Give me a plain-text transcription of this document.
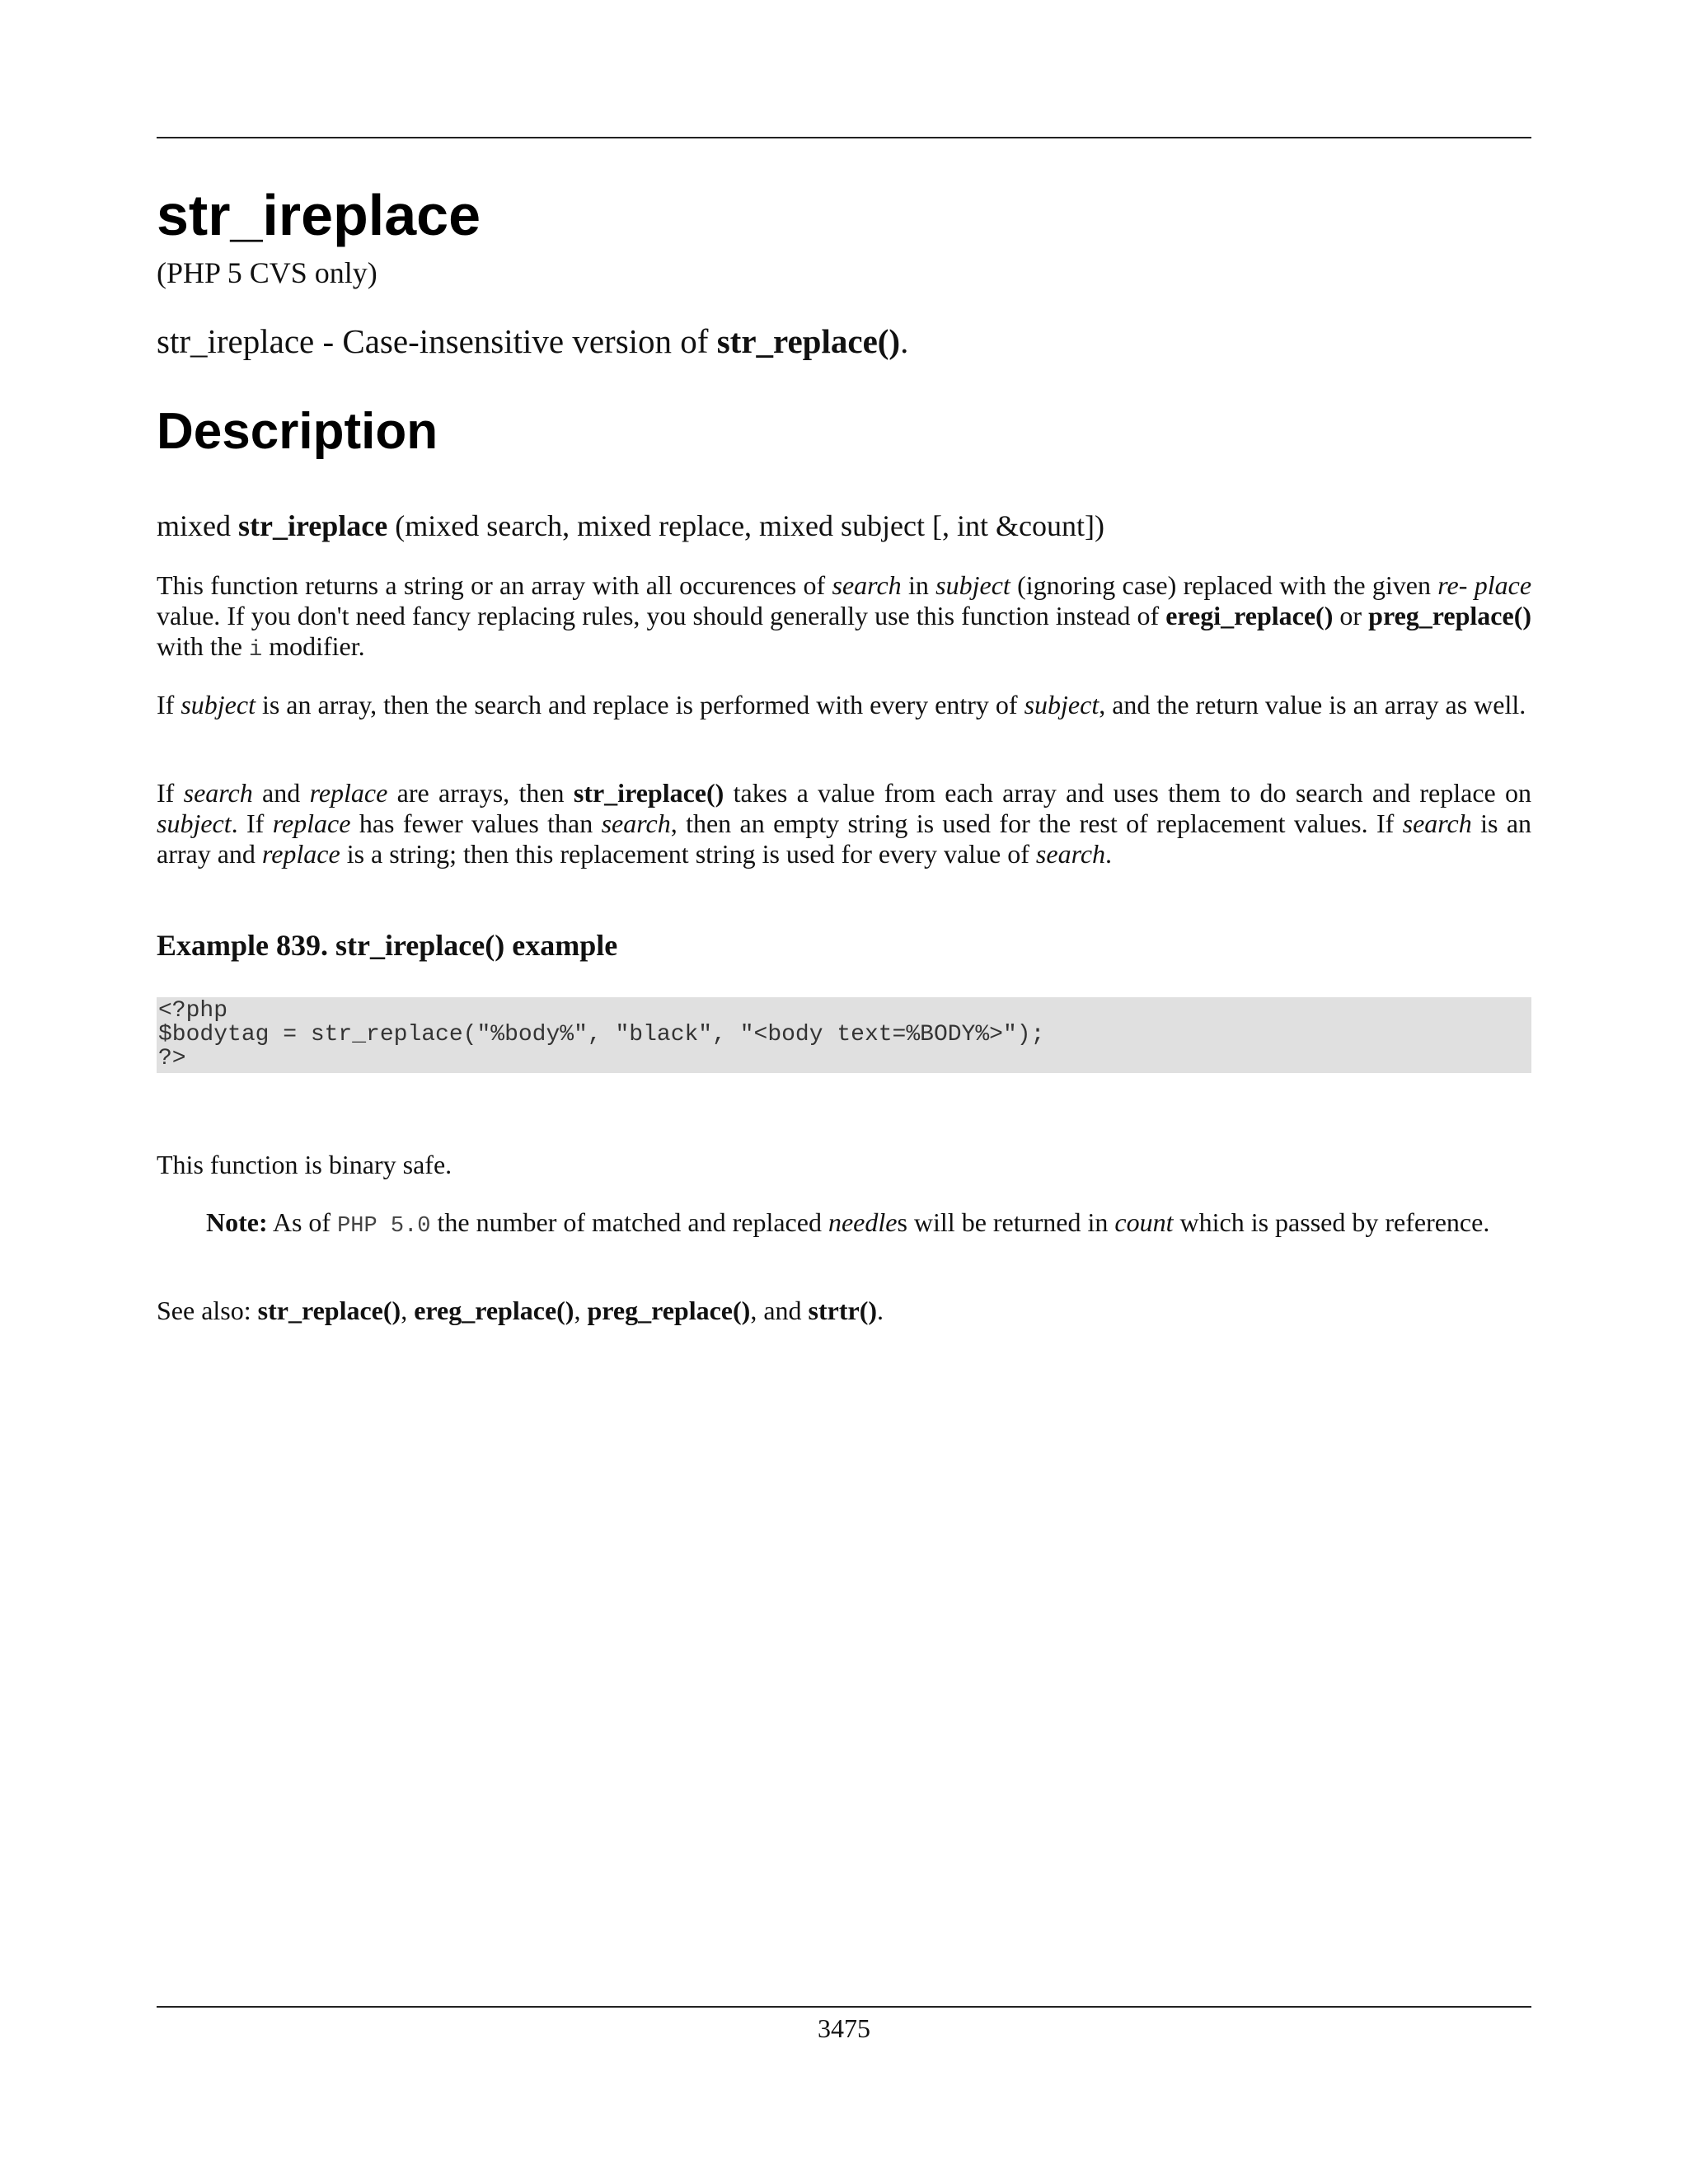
str_ireplace
(PHP 5 CVS only)
str_ireplace - Case-insensitive version of str_replace().
Description
mixed str_ireplace (mixed search, mixed replace, mixed subject [, int &count])

This function returns a string or an array with all occurences of search in subject (ignoring case) replaced with the given re- place value. If you don't need fancy replacing rules, you should generally use this function instead of eregi_replace() or preg_replace() with the i modifier.

If subject is an array, then the search and replace is performed with every entry of subject, and the return value is an array as well.

If search and replace are arrays, then str_ireplace() takes a value from each array and uses them to do search and replace on subject. If replace has fewer values than search, then an empty string is used for the rest of replacement values. If search is an array and replace is a string; then this replacement string is used for every value of search.

Example 839. str_ireplace() example
<?php
$bodytag = str_replace("%body%", "black", "<body text=%BODY%>");
?>

This function is binary safe.

Note: As of PHP 5.0 the number of matched and replaced needles will be returned in count which is passed by reference.

See also: str_replace(), ereg_replace(), preg_replace(), and strtr().

3475
